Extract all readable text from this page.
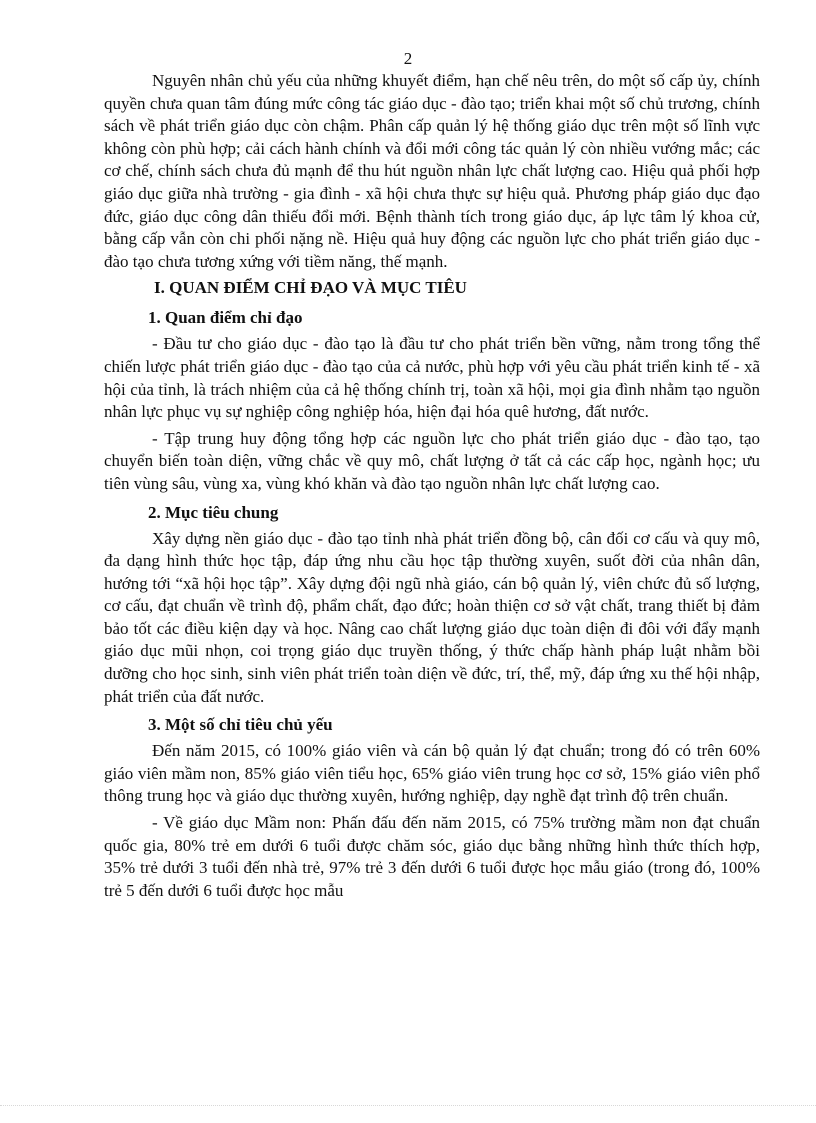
2

Nguyên nhân chủ yếu của những khuyết điểm, hạn chế nêu trên, do một số cấp ủy, chính quyền chưa quan tâm đúng mức công tác giáo dục - đào tạo; triển khai một số chủ trương, chính sách về phát triển giáo dục còn chậm. Phân cấp quản lý hệ thống giáo dục trên một số lĩnh vực không còn phù hợp; cải cách hành chính và đổi mới công tác quản lý còn nhiều vướng mắc; các cơ chế, chính sách chưa đủ mạnh để thu hút nguồn nhân lực chất lượng cao. Hiệu quả phối hợp giáo dục giữa nhà trường - gia đình - xã hội chưa thực sự hiệu quả. Phương pháp giáo dục đạo đức, giáo dục công dân thiếu đổi mới. Bệnh thành tích trong giáo dục, áp lực tâm lý khoa cử, bằng cấp vẫn còn chi phối nặng nề. Hiệu quả huy động các nguồn lực cho phát triển giáo dục - đào tạo chưa tương xứng với tiềm năng, thế mạnh.

I. QUAN ĐIỂM CHỈ ĐẠO VÀ MỤC TIÊU
1. Quan điểm chỉ đạo

- Đầu tư cho giáo dục - đào tạo là đầu tư cho phát triển bền vững, nằm trong tổng thể chiến lược phát triển giáo dục - đào tạo của cả nước, phù hợp với yêu cầu phát triển kinh tế - xã hội của tỉnh, là trách nhiệm của cả hệ thống chính trị, toàn xã hội, mọi gia đình nhằm tạo nguồn nhân lực phục vụ sự nghiệp công nghiệp hóa, hiện đại hóa quê hương, đất nước.

- Tập trung huy động tổng hợp các nguồn lực cho phát triển giáo dục - đào tạo, tạo chuyển biến toàn diện, vững chắc về quy mô, chất lượng ở tất cả các cấp học, ngành học; ưu tiên vùng sâu, vùng xa, vùng khó khăn và đào tạo nguồn nhân lực chất lượng cao.

2. Mục tiêu chung

Xây dựng nền giáo dục - đào tạo tỉnh nhà phát triển đồng bộ, cân đối cơ cấu và quy mô, đa dạng hình thức học tập, đáp ứng nhu cầu học tập thường xuyên, suốt đời của nhân dân, hướng tới “xã hội học tập”. Xây dựng đội ngũ nhà giáo, cán bộ quản lý, viên chức đủ số lượng, cơ cấu, đạt chuẩn về trình độ, phẩm chất, đạo đức; hoàn thiện cơ sở vật chất, trang thiết bị đảm bảo tốt các điều kiện dạy và học. Nâng cao chất lượng giáo dục toàn diện đi đôi với đẩy mạnh giáo dục mũi nhọn, coi trọng giáo dục truyền thống, ý thức chấp hành pháp luật nhằm bồi dưỡng cho học sinh, sinh viên phát triển toàn diện về đức, trí, thể, mỹ, đáp ứng xu thế hội nhập, phát triển của đất nước.

3. Một số chỉ tiêu chủ yếu

Đến năm 2015, có 100% giáo viên và cán bộ quản lý đạt chuẩn; trong đó có trên 60% giáo viên mầm non, 85% giáo viên tiểu học, 65% giáo viên trung học cơ sở, 15% giáo viên phổ thông trung học và giáo dục thường xuyên, hướng nghiệp, dạy nghề đạt trình độ trên chuẩn.

- Về giáo dục Mầm non: Phấn đấu đến năm 2015, có 75% trường mầm non đạt chuẩn quốc gia, 80% trẻ em dưới 6 tuổi được chăm sóc, giáo dục bằng những hình thức thích hợp, 35% trẻ dưới 3 tuổi đến nhà trẻ, 97% trẻ 3 đến dưới 6 tuổi được học mẫu giáo (trong đó, 100% trẻ 5 đến dưới 6 tuổi được học mẫu
